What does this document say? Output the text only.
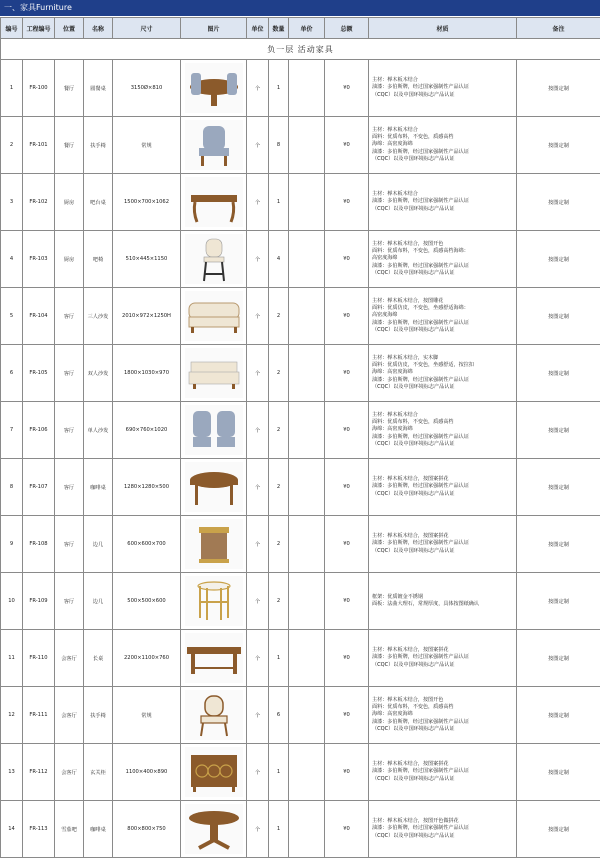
一、家具Furniture
编号	工程编号	位置	名称	尺寸	图片	单位	数量	单价	总额	材质	备注
负一层 活动家具											
1	FR-100	餐厅	圆餐桌	3150Ø×810		个	1		¥0	主材：榉木板木结合
油漆：多伯斯牌，经过国家强制性产品认证
（CQC）以及中国环境标志产品认证	按图定制
2	FR-101	餐厅	扶手椅	常规		个	8		¥0	主材：榉木板木结合
面料：优质布料，不变色，质感高档
海绵：高密度海绵
油漆：多伯斯牌，经过国家强制性产品认证
（CQC）以及中国环境标志产品认证	按图定制
3	FR-102	厨房	吧台桌	1500×700×1062		个	1		¥0	主材：榉木板木结合
油漆：多伯斯牌，经过国家强制性产品认证
（CQC）以及中国环境标志产品认证	按图定制
4	FR-103	厨房	吧椅	510×445×1150		个	4		¥0	主材：榉木板木结合，按图开色
面料：优质布料，不变色，质感高档海绵：
高密度海绵
油漆：多伯斯牌，经过国家强制性产品认证
（CQC）以及中国环境标志产品认证	按图定制
5	FR-104	客厅	三人沙发	2010×972×1250H		个	2		¥0	主材：榉木板木结合，按图雕花
面料：优质仿皮，不变色，坐感舒适海绵：
高密度海绵
油漆：多伯斯牌，经过国家强制性产品认证
（CQC）以及中国环境标志产品认证	按图定制
6	FR-105	客厅	双人沙发	1800×1030×970		个	2		¥0	主材：榉木板木结合，实木脚
面料：优质仿皮，不变色，坐感舒适，按拉扣
海绵：高密度海绵
油漆：多伯斯牌，经过国家强制性产品认证
（CQC）以及中国环境标志产品认证	按图定制
7	FR-106	客厅	单人沙发	690×760×1020		个	2		¥0	主材：榉木板木结合
面料：优质布料，不变色，质感高档
海绵：高密度海绵
油漆：多伯斯牌，经过国家强制性产品认证
（CQC）以及中国环境标志产品认证	按图定制
8	FR-107	客厅	咖啡桌	1280×1280×500		个	2		¥0	主材：榉木板木结合，按图案拼花
油漆：多伯斯牌，经过国家强制性产品认证
（CQC）以及中国环境标志产品认证	按图定制
9	FR-108	客厅	边几	600×600×700		个	2		¥0	主材：榉木板木结合，按图案拼花
油漆：多伯斯牌，经过国家强制性产品认证
（CQC）以及中国环境标志产品认证	按图定制
10	FR-109	客厅	边几	500×500×600		个	2		¥0	框架：优质镀金不锈钢
面板：法曲大理石，常规厚度，具体按图纸确认	按图定制
11	FR-110	会客厅	长桌	2200×1100×760		个	1		¥0	主材：榉木板木结合，按图案拼花
油漆：多伯斯牌，经过国家强制性产品认证
（CQC）以及中国环境标志产品认证	按图定制
12	FR-111	会客厅	扶手椅	常规		个	6		¥0	主材：榉木板木结合，按图开色
面料：优质布料，不变色，质感高档
海绵：高密度海绵
油漆：多伯斯牌，经过国家强制性产品认证
（CQC）以及中国环境标志产品认证	按图定制
13	FR-112	会客厅	玄关柜	1100×400×890		个	1		¥0	主材：榉木板木结合，按图案拼花
油漆：多伯斯牌，经过国家强制性产品认证
（CQC）以及中国环境标志产品认证	按图定制
14	FR-113	雪茄吧	咖啡桌	800×800×750		个	1		¥0	主材：榉木板木结合，按图开色做拼花
油漆：多伯斯牌，经过国家强制性产品认证
（CQC）以及中国环境标志产品认证	按图定制
